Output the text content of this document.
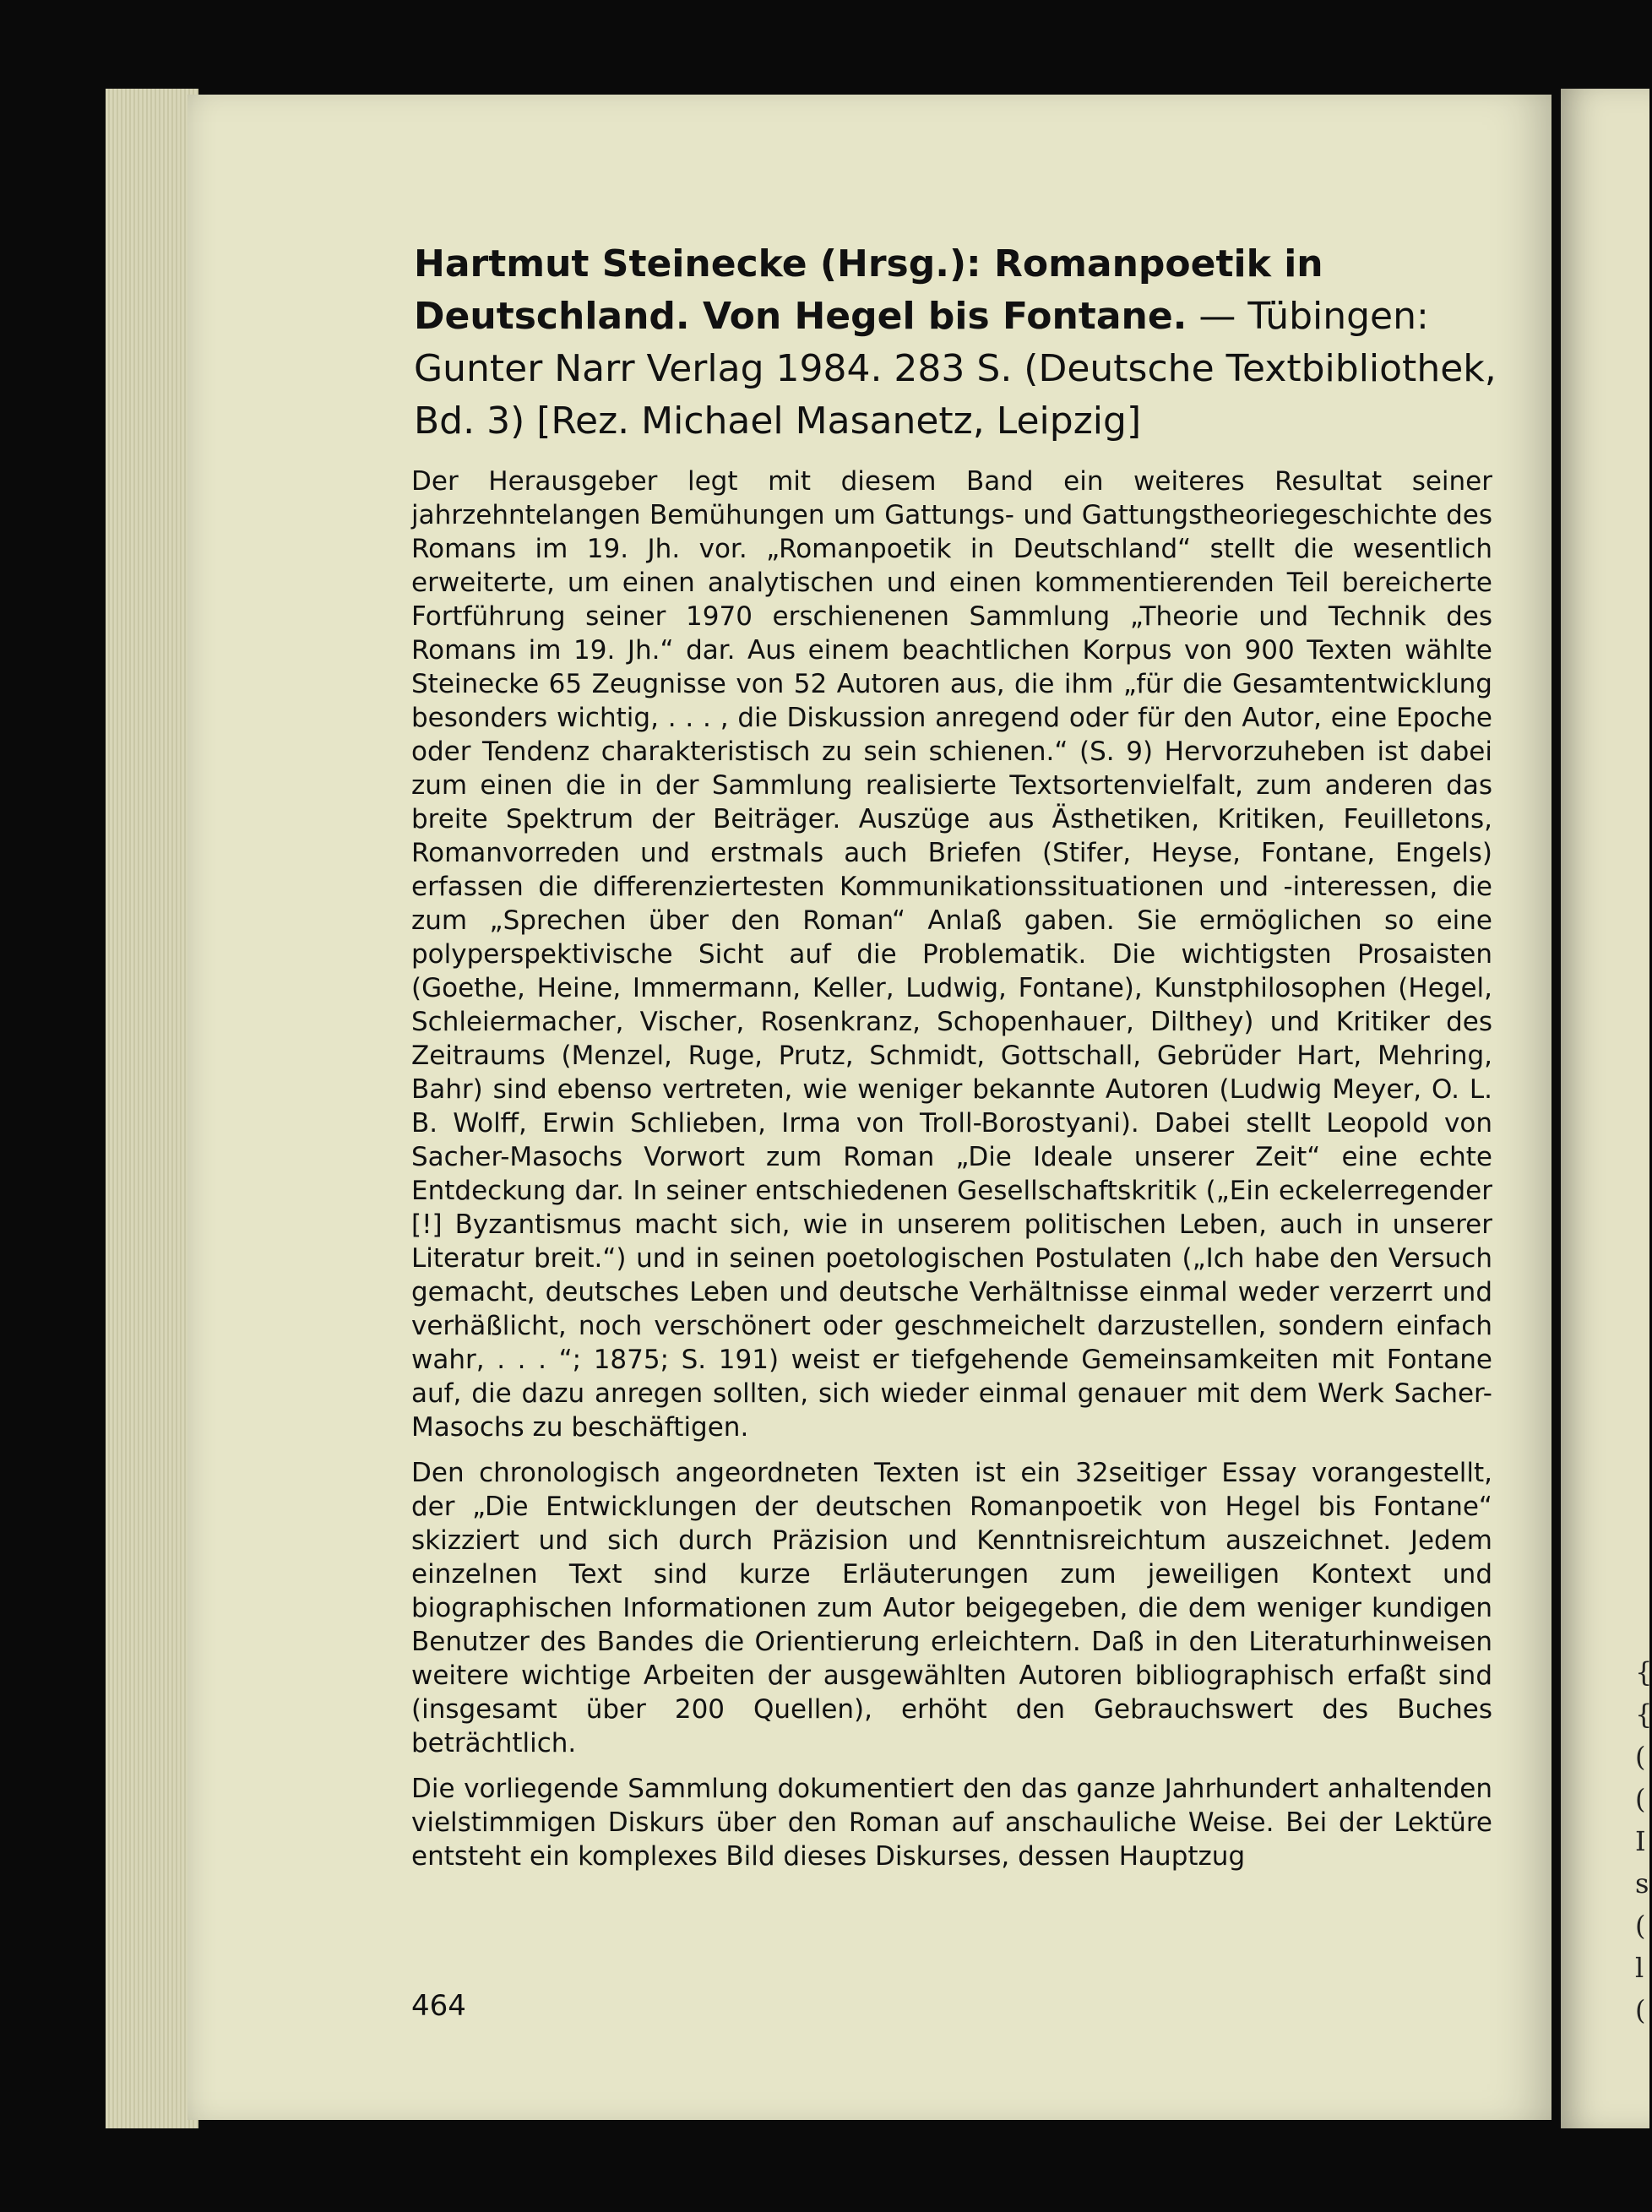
{ { ( ( I s ( l (
Hartmut Steinecke (Hrsg.): Romanpoetik in Deutschland. Von Hegel bis Fontane. — Tübingen: Gunter Narr Verlag 1984. 283 S. (Deutsche Textbibliothek, Bd. 3) [Rez. Michael Masanetz, Leipzig]

Der Herausgeber legt mit diesem Band ein weiteres Resultat seiner jahrzehntelangen Bemühungen um Gattungs- und Gattungstheoriegeschichte des Romans im 19. Jh. vor. „Romanpoetik in Deutschland“ stellt die wesentlich erweiterte, um einen analytischen und einen kommentierenden Teil bereicherte Fortführung seiner 1970 erschienenen Sammlung „Theorie und Technik des Romans im 19. Jh.“ dar. Aus einem beachtlichen Korpus von 900 Texten wählte Steinecke 65 Zeugnisse von 52 Autoren aus, die ihm „für die Gesamtentwicklung besonders wichtig, . . . , die Diskussion anregend oder für den Autor, eine Epoche oder Tendenz charakteristisch zu sein schienen.“ (S. 9) Hervorzuheben ist dabei zum einen die in der Sammlung realisierte Textsortenvielfalt, zum anderen das breite Spektrum der Beiträger. Auszüge aus Ästhetiken, Kritiken, Feuilletons, Romanvorreden und erstmals auch Briefen (Stifer, Heyse, Fontane, Engels) erfassen die differenziertesten Kommunikationssituationen und -interessen, die zum „Sprechen über den Roman“ Anlaß gaben. Sie ermöglichen so eine polyperspektivische Sicht auf die Problematik. Die wichtigsten Prosaisten (Goethe, Heine, Immermann, Keller, Ludwig, Fontane), Kunstphilosophen (Hegel, Schleiermacher, Vischer, Rosenkranz, Schopenhauer, Dilthey) und Kritiker des Zeitraums (Menzel, Ruge, Prutz, Schmidt, Gottschall, Gebrüder Hart, Mehring, Bahr) sind ebenso vertreten, wie weniger bekannte Autoren (Ludwig Meyer, O. L. B. Wolff, Erwin Schlieben, Irma von Troll-Borostyani). Dabei stellt Leopold von Sacher-Masochs Vorwort zum Roman „Die Ideale unserer Zeit“ eine echte Entdeckung dar. In seiner entschiedenen Gesellschaftskritik („Ein eckelerregender [!] Byzantismus macht sich, wie in unserem politischen Leben, auch in unserer Literatur breit.“) und in seinen poetologischen Postulaten („Ich habe den Versuch gemacht, deutsches Leben und deutsche Verhältnisse einmal weder verzerrt und verhäßlicht, noch verschönert oder geschmeichelt darzustellen, sondern einfach wahr, . . . “; 1875; S. 191) weist er tiefgehende Gemeinsamkeiten mit Fontane auf, die dazu anregen sollten, sich wieder einmal genauer mit dem Werk Sacher-Masochs zu beschäftigen.

Den chronologisch angeordneten Texten ist ein 32seitiger Essay vorangestellt, der „Die Entwicklungen der deutschen Romanpoetik von Hegel bis Fontane“ skizziert und sich durch Präzision und Kenntnisreichtum auszeichnet. Jedem einzelnen Text sind kurze Erläuterungen zum jeweiligen Kontext und biographischen Informationen zum Autor beigegeben, die dem weniger kundigen Benutzer des Bandes die Orientierung erleichtern. Daß in den Literaturhinweisen weitere wichtige Arbeiten der ausgewählten Autoren bibliographisch erfaßt sind (insgesamt über 200 Quellen), erhöht den Gebrauchswert des Buches beträchtlich.

Die vorliegende Sammlung dokumentiert den das ganze Jahrhundert anhaltenden vielstimmigen Diskurs über den Roman auf anschauliche Weise. Bei der Lektüre entsteht ein komplexes Bild dieses Diskurses, dessen Hauptzug

464
